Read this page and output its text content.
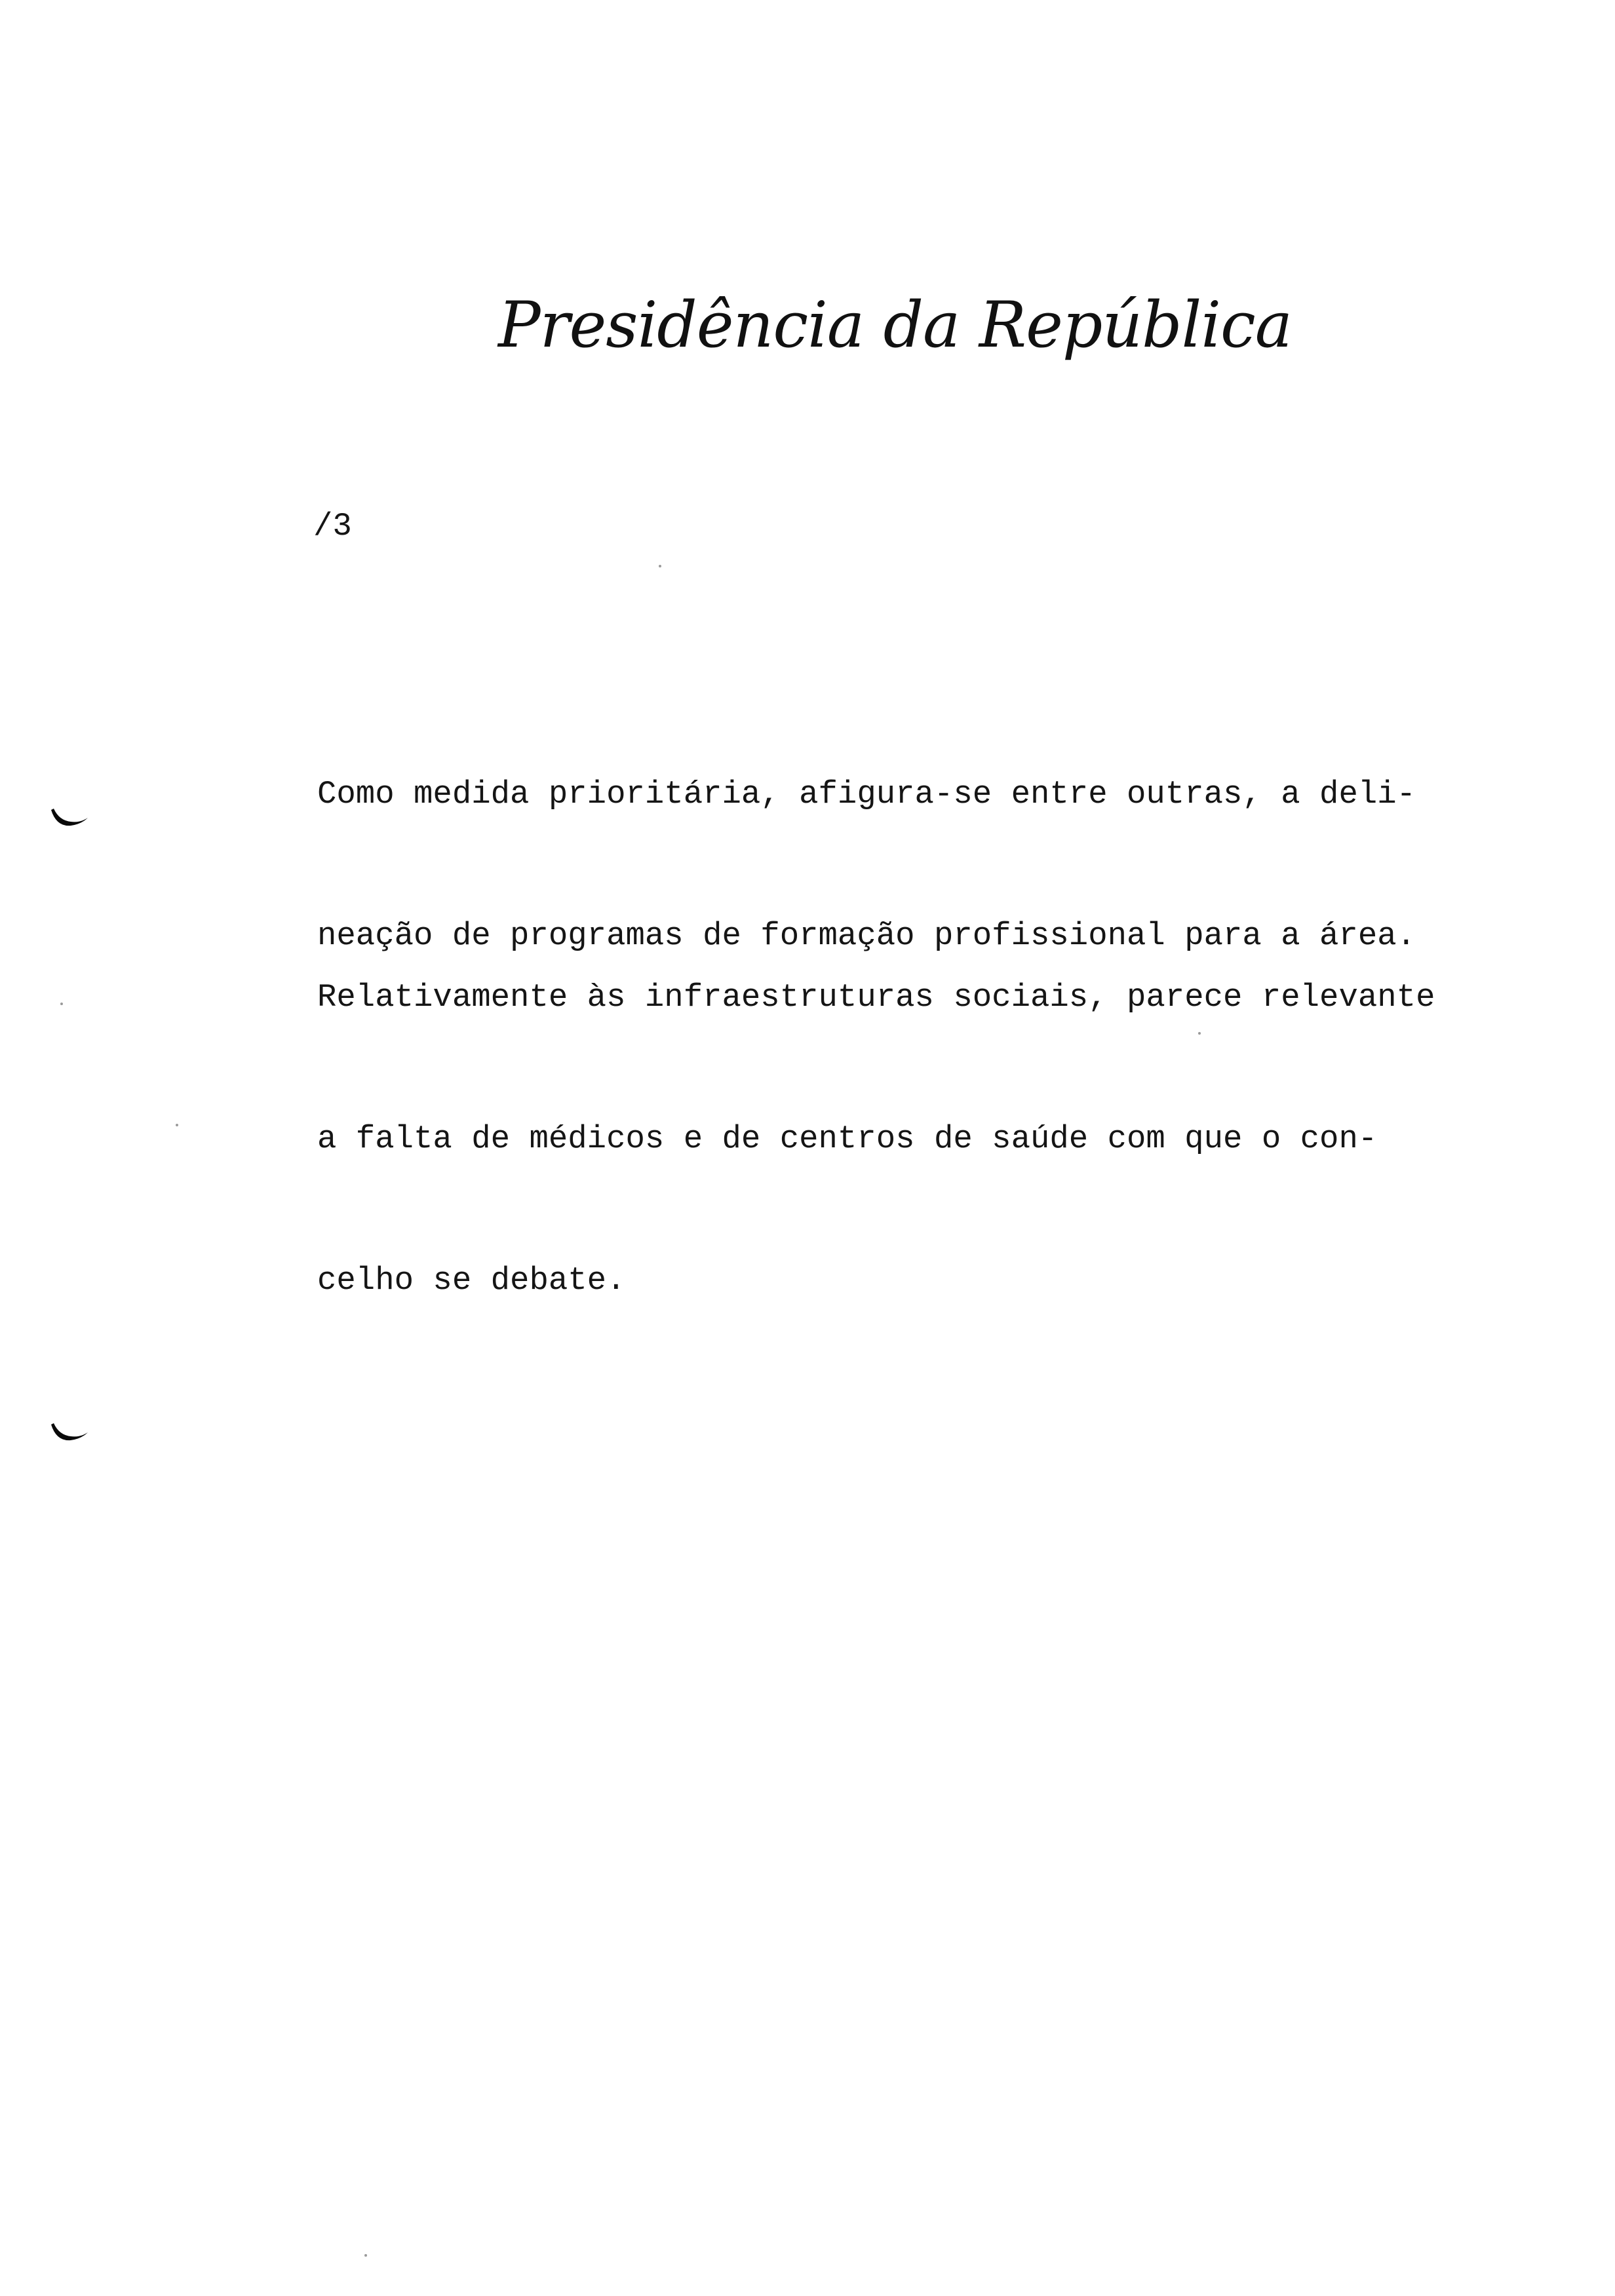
Presidência da República
/3

Como medida prioritária, afigura-se entre outras, a deli-

neação de programas de formação profissional para a área.

Relativamente às infraestruturas sociais, parece relevante

a falta de médicos e de centros de saúde com que o con-

celho se debate.
